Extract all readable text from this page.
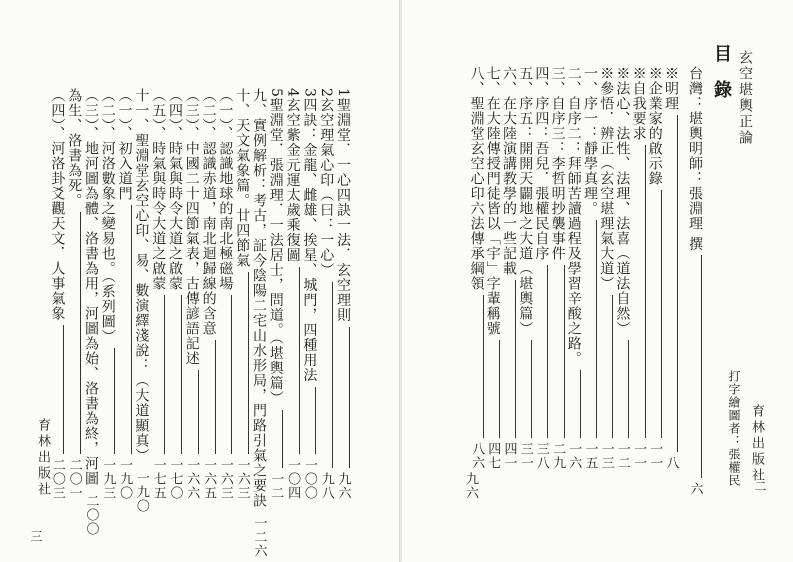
1聖淵堂．一心四訣一法．玄空理則
九六
2玄空理氣心印（曰：一心）
九八
3四訣：金龍、雌雄、挨星、城門，四種用法
一〇〇
4玄空紫金元運太歲乘復圖
一〇四
5聖淵堂．張淵理．一法居士，問道。（堪輿篇）
一二
九、實例解析：考古，証今陰陽二宅山水形局，門路引氣之要訣
一二六
十、天文氣象篇。廿四節氣
一六三
（一）、認識地球的南北極磁場
一六三
（二）、認識赤道，南北迴歸線的含意
一六五
（三）、中國二十四節氣表，古傳諺語記述
一六六
（四）、時氣與時令大道之啟蒙
一七〇
（五）、時氣與時令大道之啟蒙
一七五
十一、聖淵堂玄空心印、易、數演繹淺說：（大道顯真）
一九〇
（一）、初入道門
一九〇
（二）、河洛數象之變易也。（系列圖）
一九三
（三）、地河圖為體、洛書為用，河圖為始、洛書為終，河圖
二〇〇
為生、洛書為死。
二〇一
（四）、河洛卦爻觀天文．人事氣象
二〇三
育林出版社
三
玄空堪輿正論
目 錄
台灣：堪輿明師：張淵理 撰
六
※明理
八
※企業家的啟示錄
一一
※自我要求
一一
※法心、法性、法理、法喜（道法自然）
一二
※參悟．辨正（玄空堪理氣大道）
一三
一、序一：靜學真理。
一五
二、自序二：拜師苦讀過程及學習辛酸之路。
一六
三、自序三：李哲明抄襲事件
二九
四、序四：吾兒．張權民自序
三八
五、序五：開開天闢地之大道（堪輿篇）
三一
六、在大陸演講教學的一些記載
四一
七、在大陸傳授門徒皆以「宇」字輩稱號
四七
八、聖淵堂玄空心印六法傳承綱領
八六
九六	打字繪圖者：張權民 育林出版社
二
